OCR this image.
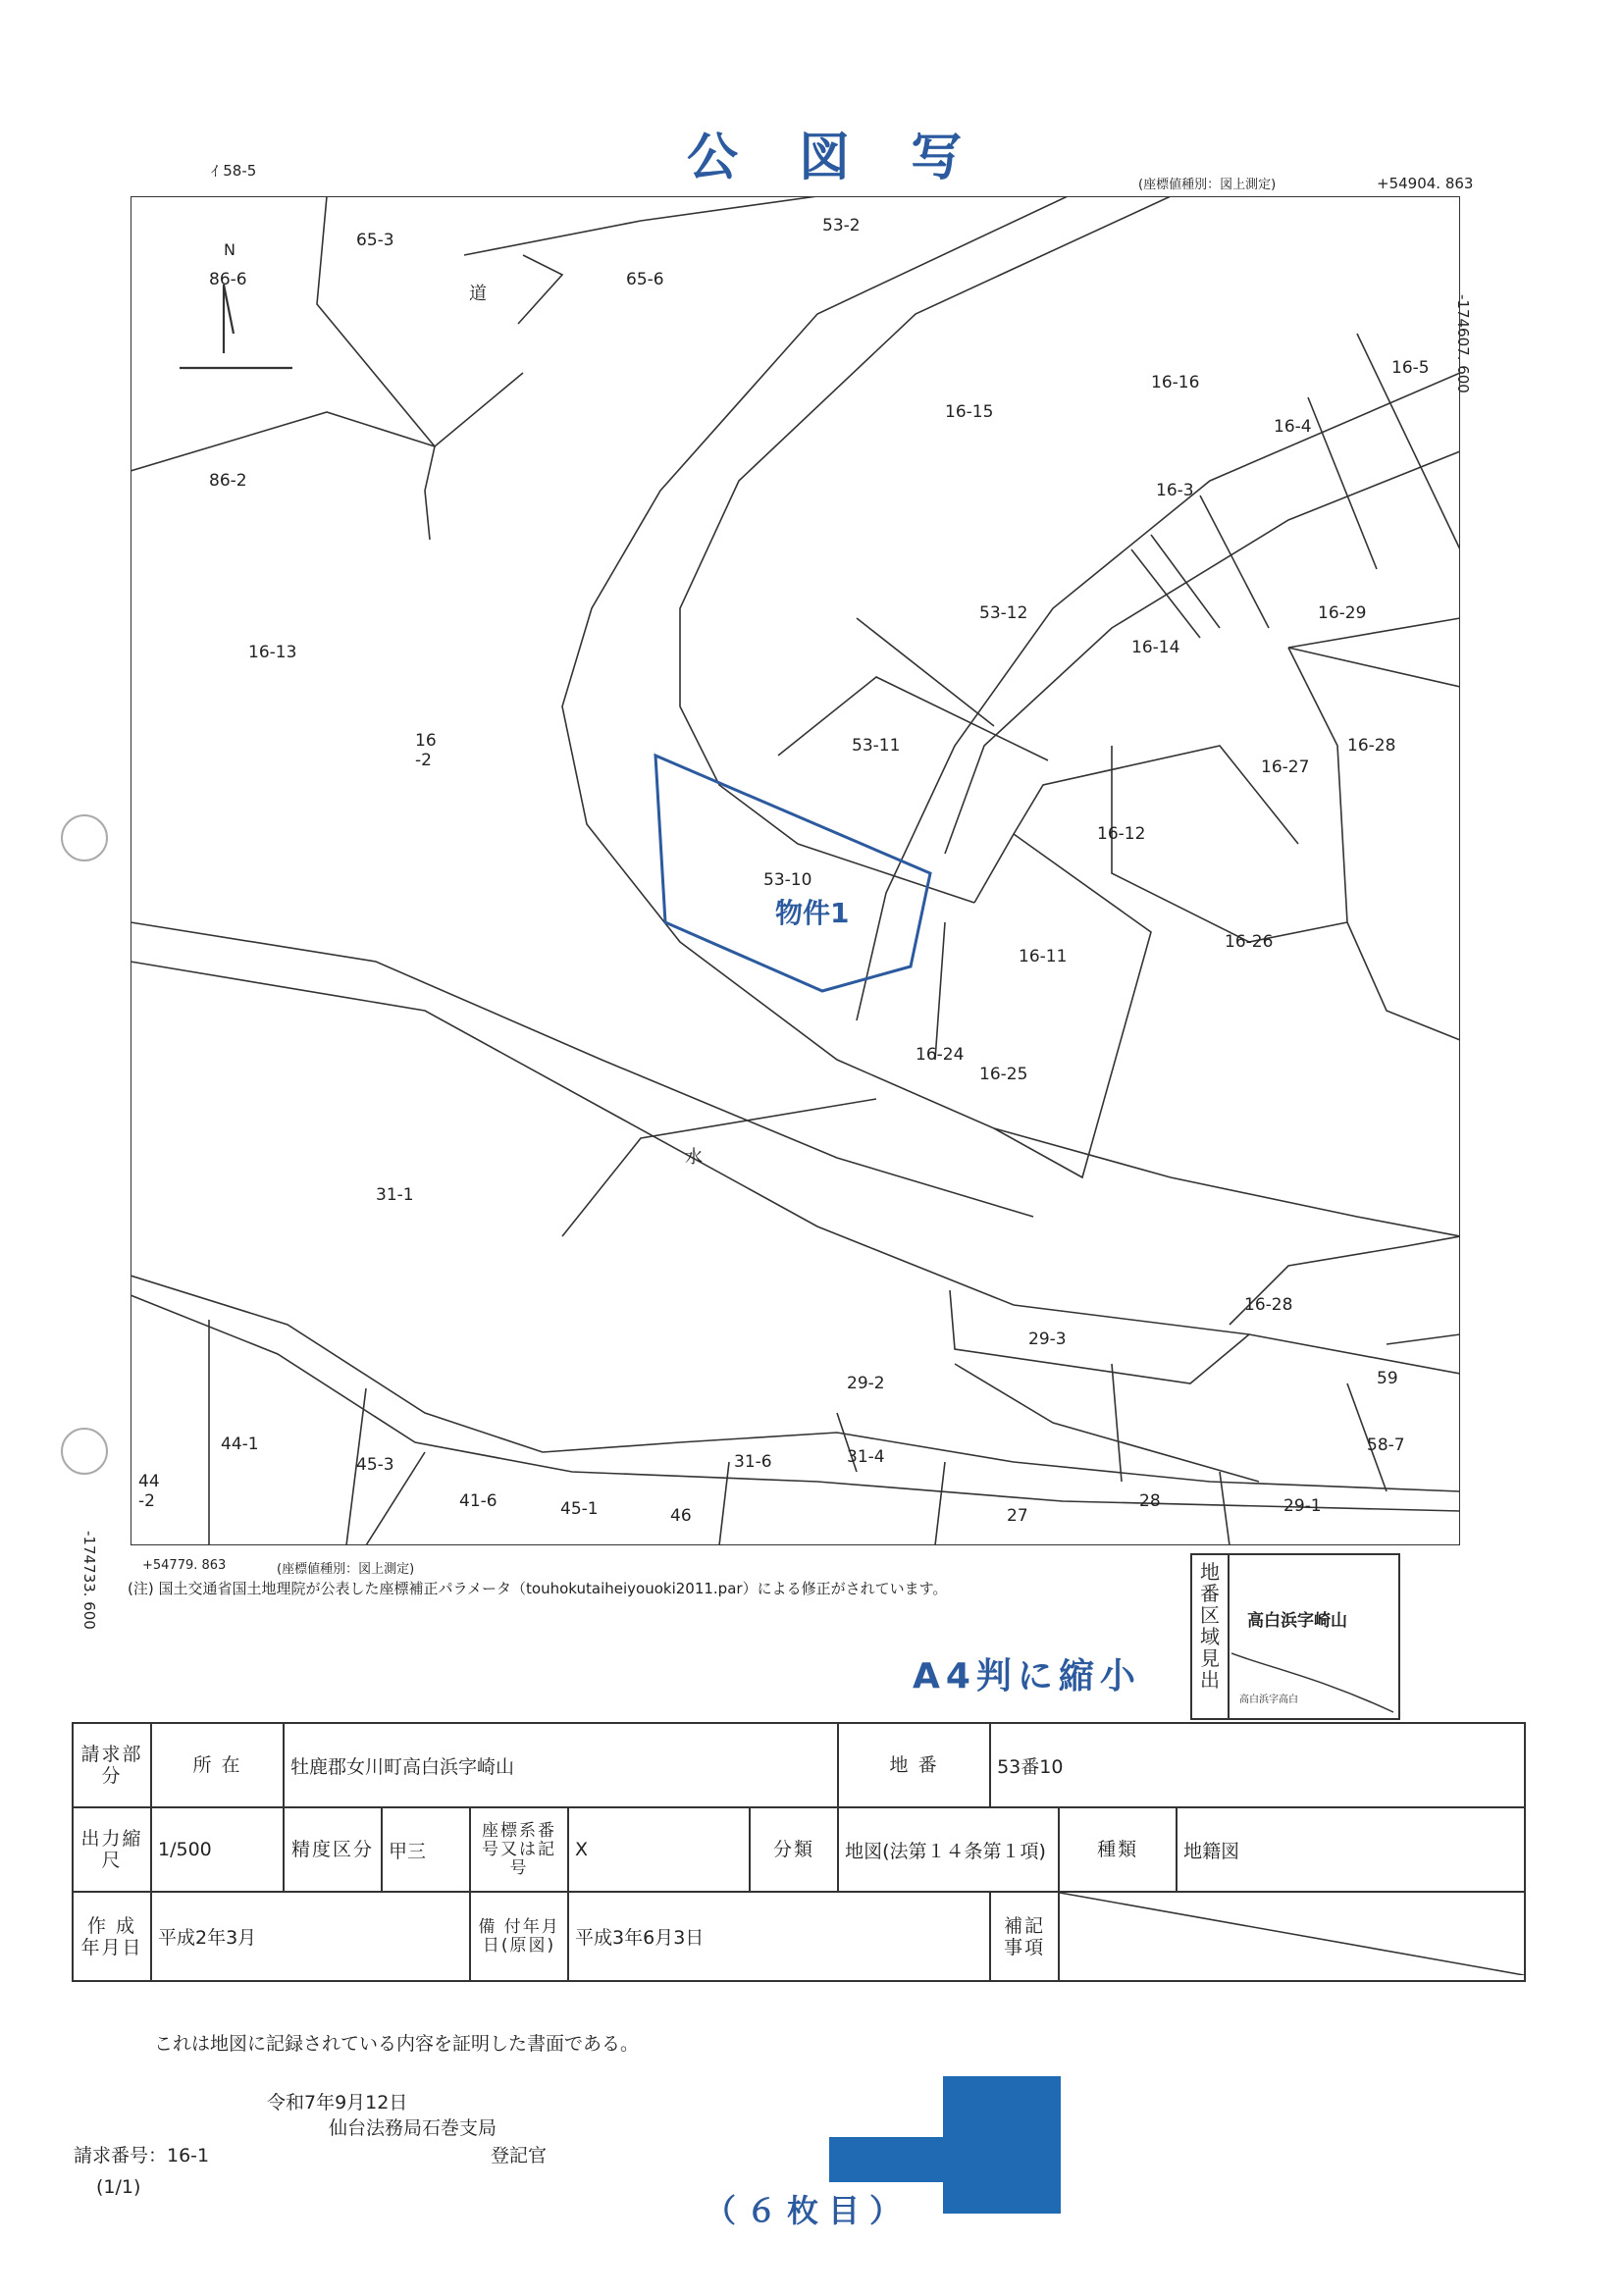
公 図 写
ｲ 58-5
(座標値種別：図上測定)	+54904. 863
-174607. 600
-174733. 600
86-6
65-3
65-6
53-2
86-2
16-15
16-16
16-4
16-5
16-3
53-12	16-29
16-13
16
-2
16-14
53-11
16-27
16-28
16-12
53-10
16-11
16-26
16-24
16-25
31-1
16-28
29-3
29-2	59
44-1
45-3	31-6	31-4
58-7
44
-2	41-6	45-1	46	27
28	29-1
N
道
水
物件1
+54779. 863	(座標値種別：図上測定)
(注) 国土交通省国土地理院が公表した座標補正パラメータ（touhokutaiheiyouoki2011.par）による修正がされています。
地番区域見出
高白浜字崎山
高白浜字高白
A4判に縮小
請求部分	所 在	牡鹿郡女川町高白浜字崎山					地 番	53番10		
出力縮尺	1/500	精度区分	甲三	座標系番号又は記号	X	分類	地図(法第１４条第１項)		種類	地籍図
作 成年月日	平成2年3月			備 付年月日(原図)	平成3年6月3日			補記事項	
これは地図に記録されている内容を証明した書面である。
令和7年9月12日
仙台法務局石巻支局
請求番号：16-1	登記官
(1/1)
（６枚目）
